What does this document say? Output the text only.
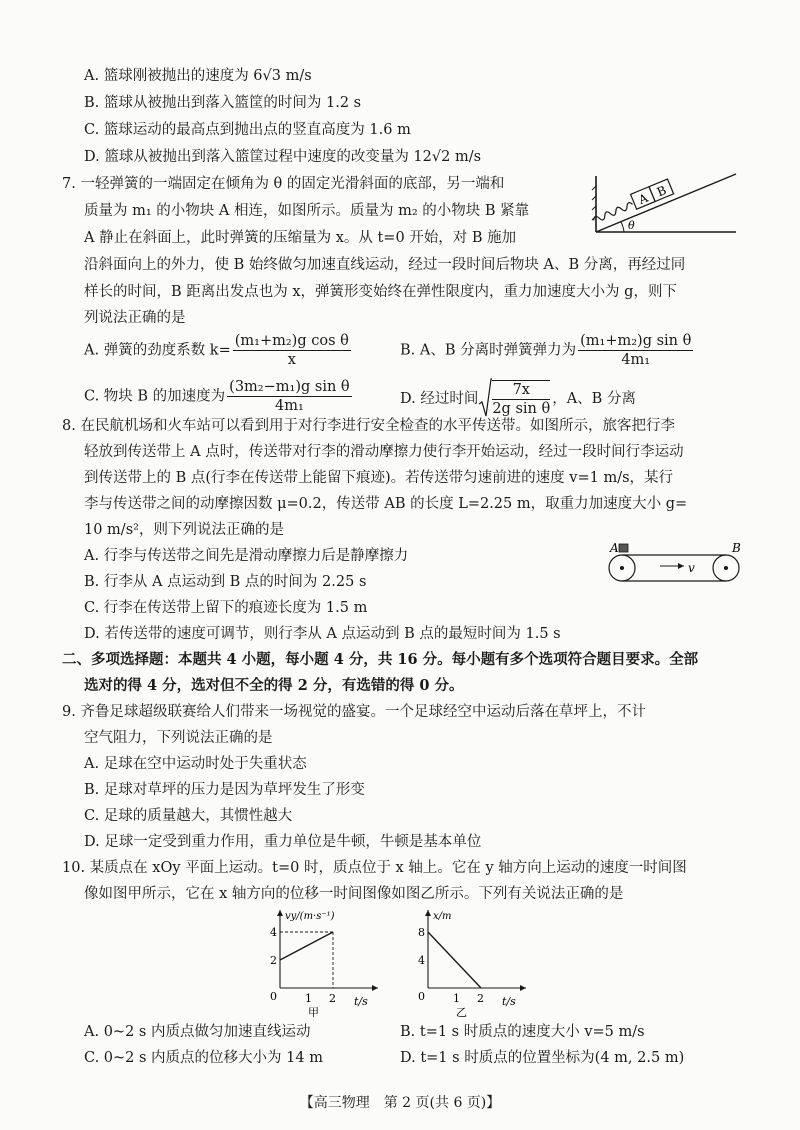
A. 篮球刚被抛出的速度为 6√3 m/s
B. 篮球从被抛出到落入篮筐的时间为 1.2 s
C. 篮球运动的最高点到抛出点的竖直高度为 1.6 m
D. 篮球从被抛出到落入篮筐过程中速度的改变量为 12√2 m/s
7. 一轻弹簧的一端固定在倾角为 θ 的固定光滑斜面的底部，另一端和
质量为 m₁ 的小物块 A 相连，如图所示。质量为 m₂ 的小物块 B 紧靠
A 静止在斜面上，此时弹簧的压缩量为 x。从 t=0 开始，对 B 施加
沿斜面向上的外力，使 B 始终做匀加速直线运动，经过一段时间后物块 A、B 分离，再经过同
样长的时间，B 距离出发点也为 x，弹簧形变始终在弹性限度内，重力加速度大小为 g，则下
列说法正确的是
A B
θ
A. 弹簧的劲度系数 $k= \frac{\text{(m₁+m₂)g cos θ}}{x}$	B. A、B 分离时弹簧弹力为 $\frac{\text{(m₁+m₂)g sin θ}}{\text{4m₁}}$
C. 物块 B 的加速度为 $\frac{\text{(3m₂−m₁)g sin θ}}{\text{4m₁}}$	D. 经过时间 $\frac{7x}{\text{2g sin θ}}$ ，A、B 分离
8. 在民航机场和火车站可以看到用于对行李进行安全检查的水平传送带。如图所示，旅客把行李
轻放到传送带上 A 点时，传送带对行李的滑动摩擦力使行李开始运动，经过一段时间行李运动
到传送带上的 B 点(行李在传送带上能留下痕迹)。若传送带匀速前进的速度 v=1 m/s，某行
李与传送带之间的动摩擦因数 μ=0.2，传送带 AB 的长度 L=2.25 m，取重力加速度大小 g=
10 m/s²，则下列说法正确的是
A. 行李与传送带之间先是滑动摩擦力后是静摩擦力
B. 行李从 A 点运动到 B 点的时间为 2.25 s
C. 行李在传送带上留下的痕迹长度为 1.5 m
D. 若传送带的速度可调节，则行李从 A 点运动到 B 点的最短时间为 1.5 s
A	B
v
二、多项选择题：本题共 4 小题，每小题 4 分，共 16 分。每小题有多个选项符合题目要求。全部
选对的得 4 分，选对但不全的得 2 分，有选错的得 0 分。
9. 齐鲁足球超级联赛给人们带来一场视觉的盛宴。一个足球经空中运动后落在草坪上，不计
空气阻力，下列说法正确的是
A. 足球在空中运动时处于失重状态
B. 足球对草坪的压力是因为草坪发生了形变
C. 足球的质量越大，其惯性越大
D. 足球一定受到重力作用，重力单位是牛顿，牛顿是基本单位
10. 某质点在 xOy 平面上运动。t=0 时，质点位于 x 轴上。它在 y 轴方向上运动的速度一时间图
像如图甲所示，它在 x 轴方向的位移一时间图像如图乙所示。下列有关说法正确的是
vy/(m·s⁻¹)
t/s
0	1 2
4
2
甲
x/m
t/s
0	1 2
8
4
乙
A. 0~2 s 内质点做匀加速直线运动	B. t=1 s 时质点的速度大小 v=5 m/s
C. 0~2 s 内质点的位移大小为 14 m	D. t=1 s 时质点的位置坐标为(4 m, 2.5 m)
【高三物理　第 2 页(共 6 页)】
